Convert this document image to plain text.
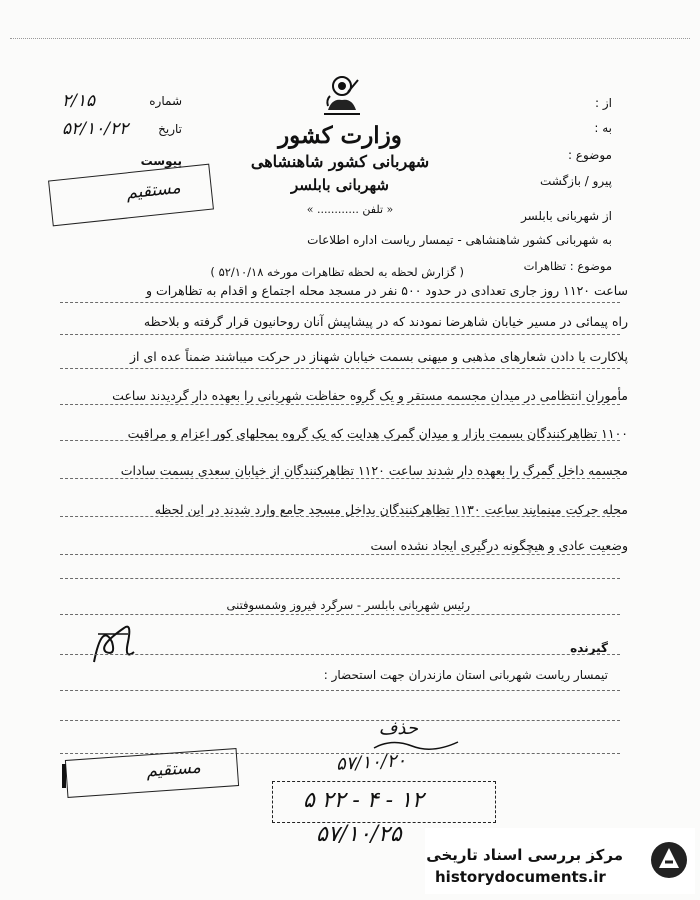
وزارت کشور
شهربانی کشور شاهنشاهی
شهربانی بابلسر
« تلفن ............ »
شماره
۲/۱۵
تاریخ
۵۲/۱۰/۲۲
پیوست
مستقیم
از :
به :
موضوع :
پیرو / بازگشت
از شهربانی بابلسر
به شهربانی کشور شاهنشاهی - تیمسار ریاست اداره اطلاعات
موضوع : تظاهرات
( گزارش لحظه به لحظه تظاهرات مورخه ۵۲/۱۰/۱۸ )
ساعت ۱۱۲۰ روز جاری تعدادی در حدود ۵۰۰ نفر در مسجد محله اجتماع و اقدام به تظاهرات و
راه پیمائی در مسیر خیابان شاهرضا نمودند که در پیشاپیش آنان روحانیون قرار گرفته و بلاحظه
پلاکارت یا دادن شعارهای مذهبی و میهنی بسمت خیابان شهناز در حرکت میباشند ضمناً عده ای از
مأموران انتظامی در میدان مجسمه مستقر و یک گروه حفاظت شهربانی را بعهده دار گردیدند ساعت
۱۱۰۰ تظاهرکنندگان بسمت بازار و میدان گمرک هدایت که یک گروه بمحلهای کور اعزام و مراقبت
مجسمه داخل گمرگ را بعهده دار شدند ساعت ۱۱۲۰ تظاهرکنندگان از خیابان سعدی بسمت سادات
محله حرکت مینمایند ساعت ۱۱۳۰ تظاهرکنندگان بداخل مسجد جامع وارد شدند در این لحظه
وضعیت عادی و هیچگونه درگیری ایجاد نشده است
رئیس شهربانی بابلسر - سرگرد فیروز وشمسوفتنی
گیرنده
تیمسار ریاست شهربانی استان مازندران جهت استحضار :
حذف
۵۷/۱۰/۲۰
مستقیم
۵ ۲۲ - ۴ - ۱۲
۵۷/۱۰/۲۵
مرکز بررسی اسناد تاریخی
historydocuments.ir
